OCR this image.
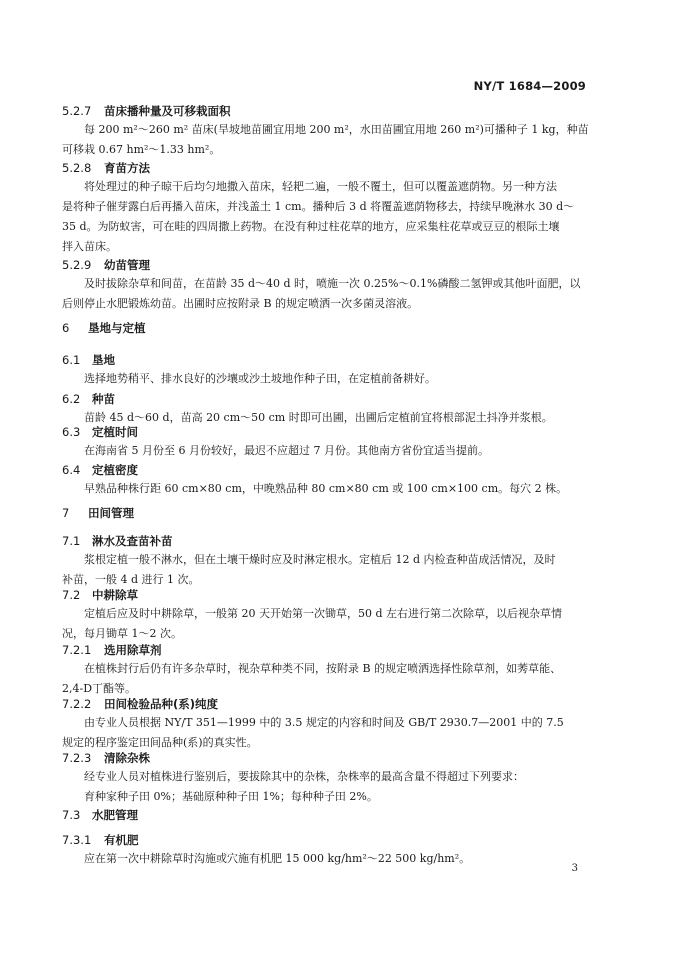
NY/T 1684—2009
5.2.7 苗床播种量及可移栽面积
　　每 200 m²～260 m² 苗床(旱坡地苗圃宜用地 200 m²，水田苗圃宜用地 260 m²)可播种子 1 kg，种苗
可移栽 0.67 hm²～1.33 hm²。
5.2.8 育苗方法
　　将处理过的种子晾干后均匀地撒入苗床，轻耙二遍，一般不覆土，但可以覆盖遮荫物。另一种方法
是将种子催芽露白后再播入苗床，并浅盖土 1 cm。播种后 3 d 将覆盖遮荫物移去，持续早晚淋水 30 d～
35 d。为防蚁害，可在畦的四周撒上药物。在没有种过柱花草的地方，应采集柱花草或豆豆的根际土壤
拌入苗床。
5.2.9 幼苗管理
　　及时拔除杂草和间苗，在苗龄 35 d～40 d 时，喷施一次 0.25%～0.1%磷酸二氢钾或其他叶面肥，以
后则停止水肥锻炼幼苗。出圃时应按附录 B 的规定喷洒一次多菌灵溶液。
6 垦地与定植
6.1 垦地
　　选择地势稍平、排水良好的沙壤或沙土坡地作种子田，在定植前备耕好。
6.2 种苗
　　苗龄 45 d～60 d，苗高 20 cm～50 cm 时即可出圃，出圃后定植前宜将根部泥土抖净并浆根。
6.3 定植时间
　　在海南省 5 月份至 6 月份较好，最迟不应超过 7 月份。其他南方省份宜适当提前。
6.4 定植密度
　　早熟品种株行距 60 cm×80 cm，中晚熟品种 80 cm×80 cm 或 100 cm×100 cm。每穴 2 株。
7 田间管理
7.1 淋水及查苗补苗
　　浆根定植一般不淋水，但在土壤干燥时应及时淋定根水。定植后 12 d 内检查种苗成活情况，及时
补苗，一般 4 d 进行 1 次。
7.2 中耕除草
　　定植后应及时中耕除草，一般第 20 天开始第一次锄草，50 d 左右进行第二次除草，以后视杂草情
况，每月锄草 1～2 次。
7.2.1 选用除草剂
　　在植株封行后仍有许多杂草时，视杂草种类不同，按附录 B 的规定喷洒选择性除草剂，如莠草能、
2,4-D丁酯等。
7.2.2 田间检验品种(系)纯度
　　由专业人员根据 NY/T 351—1999 中的 3.5 规定的内容和时间及 GB/T 2930.7—2001 中的 7.5
规定的程序鉴定田间品种(系)的真实性。
7.2.3 清除杂株
　　经专业人员对植株进行鉴别后，要拔除其中的杂株，杂株率的最高含量不得超过下列要求：
　　育种家种子田 0%；基础原种种子田 1%；每种种子田 2%。
7.3 水肥管理
7.3.1 有机肥
　　应在第一次中耕除草时沟施或穴施有机肥 15 000 kg/hm²～22 500 kg/hm²。
3
